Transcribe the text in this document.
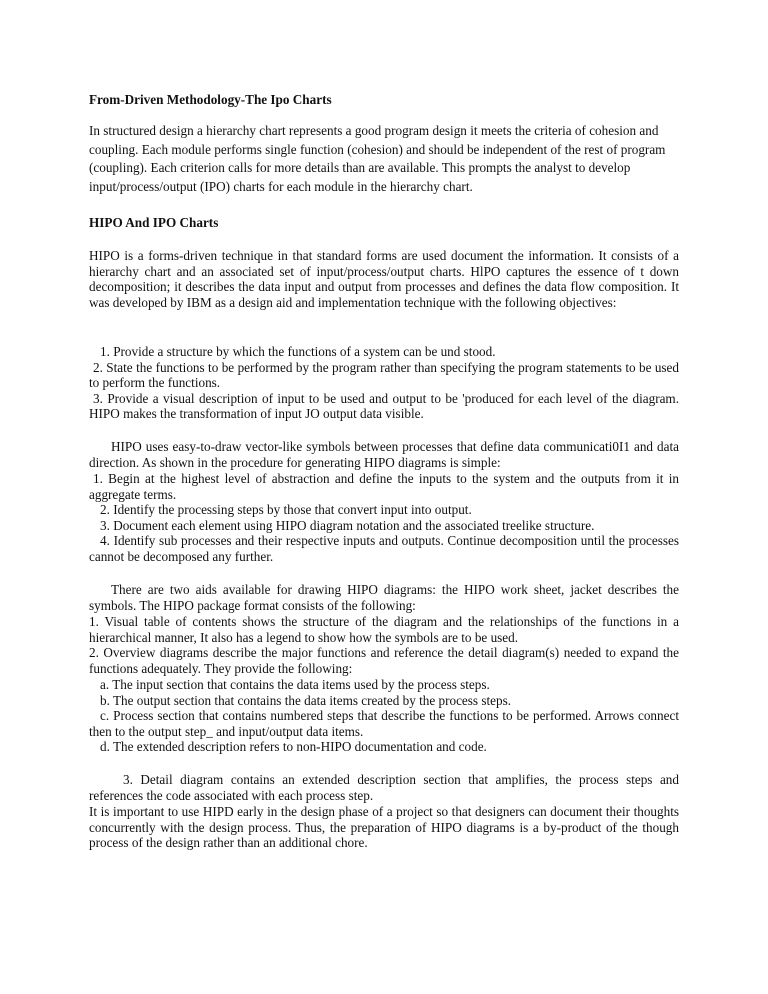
From-Driven Methodology-The Ipo Charts

In structured design a hierarchy chart represents a good program design it meets the criteria of cohesion and coupling. Each module performs single function (cohesion) and should be independent of the rest of program (coupling). Each criterion calls for more details than are available. This prompts the analyst to develop input/process/output (IPO) charts for each module in the hierarchy chart.

HIPO And IPO Charts

HIPO is a forms-driven technique in that standard forms are used document the information. It consists of a hierarchy chart and an associated set of input/process/output charts. HlPO captures the essence of t down decomposition; it describes the data input and output from processes and defines the data flow composition. It was developed by IBM as a design aid and implementation technique with the following objectives:

1. Provide a structure by which the functions of a system can be und stood.

2. State the functions to be performed by the program rather than specifying the program statements to be used to perform the functions.

3. Provide a visual description of input to be used and output to be 'produced for each level of the diagram. HIPO makes the transformation of input JO output data visible.

HIPO uses easy-to-draw vector-like symbols between processes that define data communicati0I1 and data direction. As shown in the procedure for generating HIPO diagrams is simple:

1. Begin at the highest level of abstraction and define the inputs to the system and the outputs from it in aggregate terms.

2. Identify the processing steps by those that convert input into output.

3. Document each element using HIPO diagram notation and the associated treelike structure.

4. Identify sub processes and their respective inputs and outputs. Continue decomposition until the processes cannot be decomposed any further.

There are two aids available for drawing HIPO diagrams: the HIPO work sheet, jacket describes the symbols. The HIPO package format consists of the following:

1. Visual table of contents shows the structure of the diagram and the relationships of the functions in a hierarchical manner, It also has a legend to show how the symbols are to be used.

2. Overview diagrams describe the major functions and reference the detail diagram(s) needed to expand the functions adequately. They provide the following:

a. The input section that contains the data items used by the process steps.

b. The output section that contains the data items created by the process steps.

c. Process section that contains numbered steps that describe the functions to be performed. Arrows connect then to the output step_ and input/output data items.

d. The extended description refers to non-HIPO documentation and code.

3. Detail diagram contains an extended description section that amplifies, the process steps and references the code associated with each process step.

It is important to use HIPD early in the design phase of a project so that designers can document their thoughts concurrently with the design process. Thus, the preparation of HIPO diagrams is a by-product of the though process of the design rather than an additional chore.
